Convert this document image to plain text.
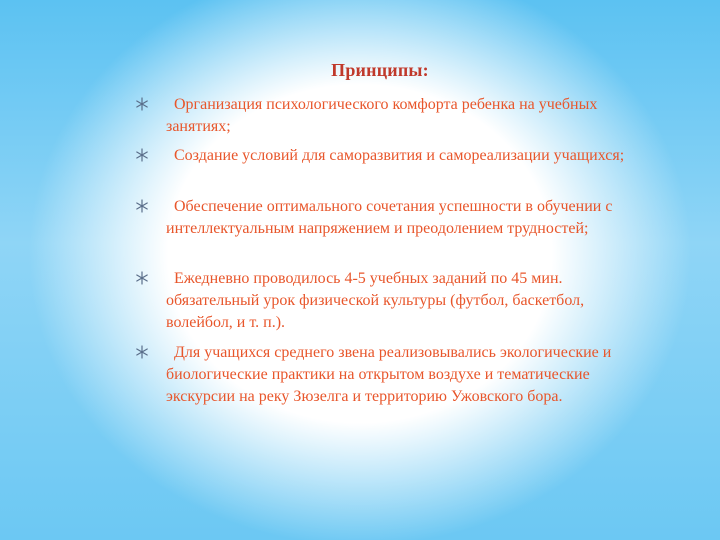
Принципы:
Организация психологического комфорта ребенка на учебных занятиях;
Создание условий для саморазвития и самореализации учащихся;
Обеспечение оптимального сочетания успешности в обучении с интеллектуальным напряжением и преодолением трудностей;
Ежедневно проводилось 4-5 учебных заданий по 45 мин. обязательный урок физической культуры (футбол, баскетбол, волейбол, и т. п.).
Для учащихся среднего звена реализовывались экологические и биологические практики на открытом воздухе и тематические экскурсии на реку Зюзелга и территорию Ужовского бора.
